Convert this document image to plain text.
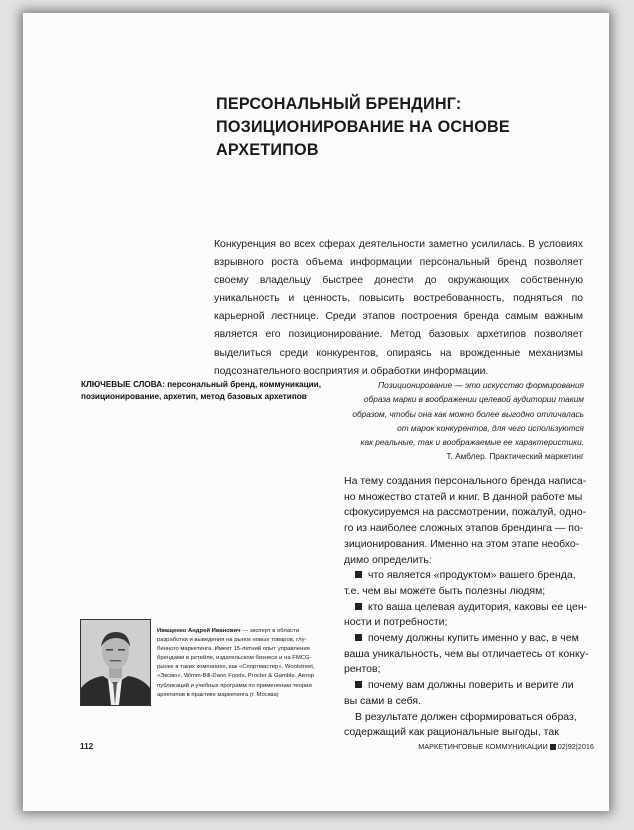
ПЕРСОНАЛЬНЫЙ БРЕНДИНГ:
ПОЗИЦИОНИРОВАНИЕ НА ОСНОВЕ
АРХЕТИПОВ
Конкуренция во всех сферах деятельности заметно усилилась. В условиях взрывного роста объема информации персональный бренд позволяет своему владельцу быстрее донести до окружающих собственную уникальность и ценность, повысить востребованность, подняться по карьерной лестнице. Среди этапов построения бренда самым важным является его позиционирование. Метод базовых архетипов позволяет выделиться среди конкурентов, опираясь на врожденные механизмы подсознательного восприятия и обработки информации.
КЛЮЧЕВЫЕ СЛОВА: персональный бренд, коммуникации, позиционирование, архетип, метод базовых архетипов
Позиционирование — это искусство формирования
образа марки в воображении целевой аудитории таким
образом, чтобы она как можно более выгодно отличалась
от марок конкурентов, для чего используются
как реальные, так и воображаемые ее характеристики.
Т. Амблер. Практический маркетинг
На тему создания персонального бренда написа-
но множество статей и книг. В данной работе мы
сфокусируемся на рассмотрении, пожалуй, одно-
го из наиболее сложных этапов брендинга — по-
зиционирования. Именно на этом этапе необхо-
димо определить:
что является «продуктом» вашего бренда,
т.е. чем вы можете быть полезны людям;
кто ваша целевая аудитория, каковы ее цен-
ности и потребности;
почему должны купить именно у вас, в чем
ваша уникальность, чем вы отличаетесь от конку-
рентов;
почему вам должны поверить и верите ли
вы сами в себя.
В результате должен сформироваться образ,
содержащий как рациональные выгоды, так
Иващенко Андрей Иванович — эксперт в области
разработки и выведения на рынок новых товаров, глу-
бинного маркетинга. Имеет 15-летний опыт управления
брендами в ретейле, издательском бизнесе и на FMCG-
рынке в таких компаниях, как «Спортмастер», Woolstreet,
«Эксмо», Wimm-Bill-Dann Foods, Procter & Gamble. Автор
публикаций и учебных программ по применению теории
архетипов в практике маркетинга (г. Москва)
112	МАРКЕТИНГОВЫЕ КОММУНИКАЦИИ 02|92|2016
